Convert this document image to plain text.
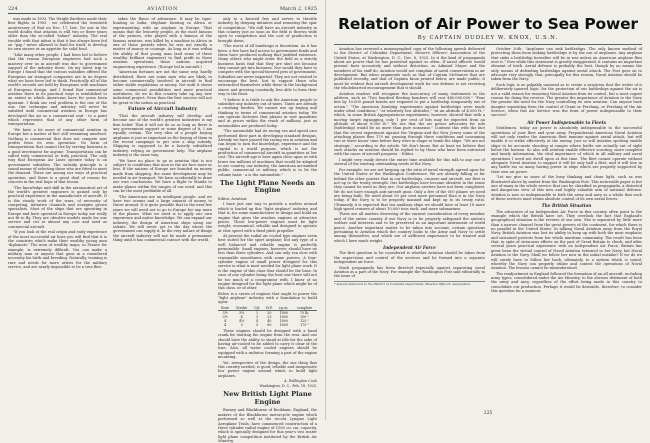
224	AVIATION	March 2, 1925

was made in 1903. The Wright Brothers made their first flights in 1903 - we celebrated the twentieth anniversary of that on Dec. 17, last. No one in the world doubts that aviation is still two or three years older than the so-called "infant" industry. The real trouble with that infant is that it has always been fed on "pap," never allowed to fend for itself, to develop its own sinews or an appetite for solid food.

"Like many other people, I had been led to believe that the reason European engineers had such a mastery over us in aircraft was due to government support of the industry there. On my latest trip to Europe I found that the various subsidies offered the European air transport companies are in no degree what we have been led to think. Practically all of the world's records are held by Europeans with machines of European design, and I found that commercial aviation there in its practical ways is established to an extent in which Americans have for years been ignorant. I think our real problem is the one of the war. Our technique and industry will never be satisfied until commercial aviation in Europe has developed the air as a commercial unit - to a point which represents that of any other form of transportation.

"We have a lot more of commercial aviation in Europe but a matter of fact still remaining unsolved. Nothing is commercial that does not compete now profits from its own operation. No form of transportation that cannot live by serving business is a good investment for anyone. Transportation can be called truly commercial or truly practical. The only way that European Air Lines operate today is on government subsidies. The subsidy principle is a sound means of selecting those who are fitted to meet the demand. These are among our ways of practical operation, and there is a great deal of reason for concern in the real hope of that lesson.

"The knowledge and skill in the aeronautical art of the world's greatest engineers is gained only by practical experience in the manufacture of aircraft. It is the steady work of the wars, of necessity of competing, initiative channels and energies grown specialists. Most of the ships that are operating in Europe and have operated in Europe today are really not fit to fly. They are obsolete models made for war service and cut at almost any cost and used as commercial aircraft.

"If you look at the real origin and early experience of the most successful air lines you will find that it is the countries which make their wealthy young men 'diplomats.' The men of wealthy maps, in France for example, is extremely difficult. You can make a military man or anyone that guns in a considered necessity his birth and breeding. Naturally, training is rare and needs for more artists for the military service, and are nearly impossible to be a true flier.

takes the flavor of adventure. It may be tiger-hunting in India, elephant hunting in Africa or experimenting with an airplane in Europe. That means that the leisurely people, at the most famous of the princes, who played with a famous of the famous aviators, was killed by a machine in Africa in one of those periods when he was not exactly a matter of money or courage. As long as it was within the ability of that young man (and some of these wealthy brilliant engineers) to find profit in those aviation operations, those nations acquired engineering experience. (Europe led in aircraft.)

"American fortunes are not the same way, hardly distributed; there are some men who are likely to become commercially involved in aircraft to find either stable regulations or money. Not until it shows some commercial possibilities and more practical usefulness, do we in this country take up any new industrial project. Even then the first success will not be great to the nation as practical.

Future of Aircraft Industry

"That the aircraft industry will develop and become one of the world's greatest industries is my firm belief. That it will not do so as long as there is any government support or some degree of it, I am equally certain. The very idea of a people buying airplanes is just as important as the buying of them in the recent campaign to put over a ship subsidy. Shipping is supposed to be a heavily subsidized industry, relying on government help. The airplane industry is the same way.

"We have no place to go in aviation that is not subject to conditions that men in the air face more or less. If the nations of Europe are founded on money made from shipping, the same development may be needed in air transport. We have accidentally to draw our own conclusions. We have a flight to Manila to make planes within the ranges of our need, and this can be the most profitable of all.

"The Americans are an intelligent people, and we have two oceans and a large amount of money to throw around. It is quite possible that in the next few years we will need not to go to Europe for any more of the planes. What we need is to apply our own experience and native knowledge. We can expand our industry, the design of American ships using our talents. We will never get to the day where the government can supply it. In the very nature of things the aircraft industry will not be made a permanent thing until it has commercial contact with the world.

only to a favored few and serves to throttle industry by denying initiative and removing the spur of competition. "We still have an aircraft industry in this country just as soon as the field is thrown wide open to competition and the cost of production is brought down.

"The worst of all handicaps is favoritism. As it has been, a few have had access to government funds and these have produced nothing that justified existence. Many others who might enter the field as a strictly business basis find that they are shut out because they cannot get into business. Nor would they have to compete with the special-favored pets of government. Subsidies are never impartial. They are not created to encourage the best, but to support those who entrenched themselves while these in the background starve and growing constantly less able to form their way to the front.

"I believe it is futile to ask the American people to subsidize any industry out of taxes. Taxes are already a crushing burden. We cannot use up buying and thinking in terms of commercial aviation today. We can operate factories that phases in vast quantities and at prices within the reach of millions, just as automobiles are produced today.

"The automobile had its racing era and speed cars performed their part in developing standard designs. Already we have passed the racing era in aviation and can begin to turn the knowledge, experience and the capital to a world purpose, which is not the production of commercial aircraft in quantities at low cost. The aircraft age is here again close upon us with lower ten millions of machines that would be adapted to our country, our industry, the American air-minded public, commercial or military, which is to be the volume basis - a is the automobile."

The Light Plane Needs an Engine

Editor, Aviation:

I have just one way to provide a useless around which is loaded up this "light airplane" industry, and that is, for some manufacturer to design and build an engine that gives the aviation engines at attractive prices. These low-power engines must be light weight, economical, reliable and designed to operate at slow speed with a fixed pitch propeller.

At present the radial air cooled type engines seem best suited for the sport airplane; but any type of a well balanced and reliable engine is perfectly permissible. Small engines, however, should have no less than three cylinders. And can only run slow with reasonable smoothness with some powers. A four-cylinder engine of small power designed for this service is what is most needed for light plane work. It is the engine of this class that should be the base. In case of one cylinder being the best one there will not be too much of a compromise with. I know of no engine designed for the light plane which might be of this class, or of other.

Below is a series of engines that ought to power the "light airplane" industry with a foundation to build upon:

Bore	Stroke	Cyl.	H.P.	r.p.m.	complete
3½	3½	3	20	1800	75 lb.
3½	4	3	25	1800	100 "
4	4½	4	40	1800	125 "
4	5	5	60	1800	175 "

These engines should be designed with a hand crank for starting the engine from the rear. And one should have the ability to stand at idle for the sake of having air-cooled to be added to carry it clear of the fuse. Also, all water cooled engines should be equipped with a radiator, forming a part of the engine mounting.

Yet, irrespective of the design, the one thing that this country needed, is good, reliable and inexpensive low power engine around which to build light airplanes.

A. Wallington Cook

Washington, D. C., Feb. 18, 1925.

New British Light Plane Engine

Burney and Blackburne of Bookham, England, the makers of the Blackburne motorcycle engine which performed so well at the recent Lympne Light Aeroplane Trials, have commenced construction of a three cylinder radial engine of 1500 cu. cm. capacity, which is specially designed for this year's two seater light plane competition instituted by the British Air Ministry.

Relation of Air Power to Sea Power
By CAPTAIN DUDLEY W. KNOX, U.S.N.

Aviation has received a mimeographed copy of the following speech delivered to the District of Columbia Department, Reserve Officers' Association of the United States, at Washington, D. C., Dec. 6, 1923. In it the kind of propaganda about air power that he has protested against so often. If naval officers would present facts accurately and without distortion, as Admiral Mayer and the members of his staff do, Aviation would not complain of naval conservatism in air development. But when arguments such as that of Captain McNamee that are published recently, and that of Captain Knox printed below, are made public, it must be evident that aircraft development work for sea defense is not receiving the wholehearted encouragement that it should.

Aviation readers will recognize the inaccuracy of many statements in the address, such as "Two hundred fleeting bombers will cost $80,000,000." "Four bits by 10,000 pound bombs are required to put a battleship temporarily out of action." "The American bombing experiments against battleships were made under ideal conditions," "at relatively low altitudes," "at an altitude of 4,000 ft.," which, in some British Appropriations experiments, however, showed that with a moving target zigzagging, only 1 per cent of hits may be expected from an altitude of about 8,000 ft." We see that the air power advocates for sole (battleship) would be no more than pure nonsense." Contrast this with the fact that the recent experiment against the Virginia and the New Jersey some of the attacking planes flew 170 mi. passing through these conditions and consuming two or three hours' time before they were in shape to bomb the ships. "We are not strategic," according to the article. We don't know. But at least we believe that such attacks on aviation should be replied to by those who have been entrusted with the cause of aircraft progress. - Editor.

I might very easily devote the entire time available for this talk to any one of several of the existing outstanding needs of the Navy.

For example, we are not keeping up the ratio of naval strength agreed upon for the United States at the Washington Conference. We are already falling so far behind the other powers that in our battleships, cruisers and aircraft, our fleet is not up to the treaty strength. Our battleships have become obsolete in the sense they cannot be used as they are. Our airplane carriers have not been completed. We do not have enough anti-aircraft guns. Only a few of the 500 planes we need are being built. We need about 50 per cent more personnel than is in the Navy today, if the Navy is to be properly manned and kept up to its treaty ratio. Ultimately it is expected that ten auxiliary ships we should have at least 18 more high speed cruisers of about 10,000 tons each, and more submarines.

These are all matters deserving of the earnest consideration of every member and of the entire country if our Navy is to be properly safeguard the nation's welfare and interests and to be preserved as an important instrument of world peace. Another important matter to be taken into account, certain questions pertaining to Aviation which the country looks to the Army and Navy to settle among themselves, and which are of sufficient importance to be treated and which I have much weight.

Independent Air Force

The first question to be considered is whether Aviation should be taken from the supervision and control of the services and be formed into a separate independent air force.

Much propaganda has been directed especially against separating naval Aviation as a part of the Navy. For example the Washington Post said editorially in the issue of

* Speech delivered to the District of Columbia Department, Reserve Officers' Association.

October 20th: "Airplanes can sink battleships. The only known method of protecting them from sinking battleships is by the use of airplanes. Any airplane that sinks a battleship hereafter will be in war unless an American airplane flies over it." Now while this statement is greatly exaggerated, it contains an important element of truth. Aerial defense is probably the best, though by no means the only, means of defending battleships against aerial attack. The Post goes on to advocate very strongly, that, principally for this reason, Naval Aviation should be taken from the Navy.

Such logic is as palpably unsound as to create a suspicion that the writer of it deliberately ignored logic, for the protection of our battleships against the air is not a valid reason for removing Naval Aviation from its control, but a most cogent reason for doing the reverse. The greater the importance of Aviation to the Navy the greater the need for the Navy controlling its own aviation. Can anyone have imagine separating from the control of Grant or Pershing, or Pershing of the Air Service, when this Air Service was the form of power indispensable to their success?

Air Power Indispensable to Fleets

Gentlemen, today air power is absolutely indispensable to the successful operations of your fleet and your army. Preponderant American Naval Aviation will not only render the American fleet immune against aerial attack, but will enable it to strike effectively at the enemy. Just so will Aviation spotting enable ships to be accurate shooting at ranges where battle are actually out of sight below the horizon. So also will aviation enable effective scouting, more complete and timely information, the vital importance of which in all military and naval operations I need not dwell upon at this time. The fleet cannot operate without adequate Naval Aviation to support it will be only half a fleet, and it will lose in any battle too so many having power in ships which are properly supported by their own air power.

"Let me give us more of the busy thinking and clean light, such as was illustrated above by matter from the Washington Post. This noticeable paper is but one of many in the whole service that can be classified as propaganda, a distorted and dangerous view of this new and highly valuable arm of national defense. Aviation is now so indispensable to both the army and navy as a whole that each of these services must retain absolute control of its own aerial forces.

The British Situation

The advocates of an Independent Air Force in this country often point to the example which the British have set. They overlook the fact that England's geographical situation is the reverse of our own. She is separated by little more than a narrow channel from the great powers of the continent, for which there is no parallel in the United States. In talking Naval Aviation away from the Royal Navy, British Aviation was lost its ability to keep up with both the most emphatic and sustained protests from her whole maritime community. The result has been that, in spite of strenuous efforts on the part of Great Britain to check, and after several years practical experience with an Independent Air Force, Britain has great been the virtual control of Naval Aviation returned to her Navy, but Naval Aviation to the Navy. Shall we follow her now in the initial mistake? If we do we will surely have to follow her back, ultimately, to a system which is sound, whereby the Navy can properly utilize and control the operations of Naval Aviation. The lessons cannot be misunderstood.

The readjustment in England followed the formation of an all aircraft, including army types, consolidated under the Air Ministry, to the obvious detriment of both the army and navy, regardless of the effort being made in this country to consolidate our production. Perhaps it would be desirable, therefore, to consider this question for a moment.

225
